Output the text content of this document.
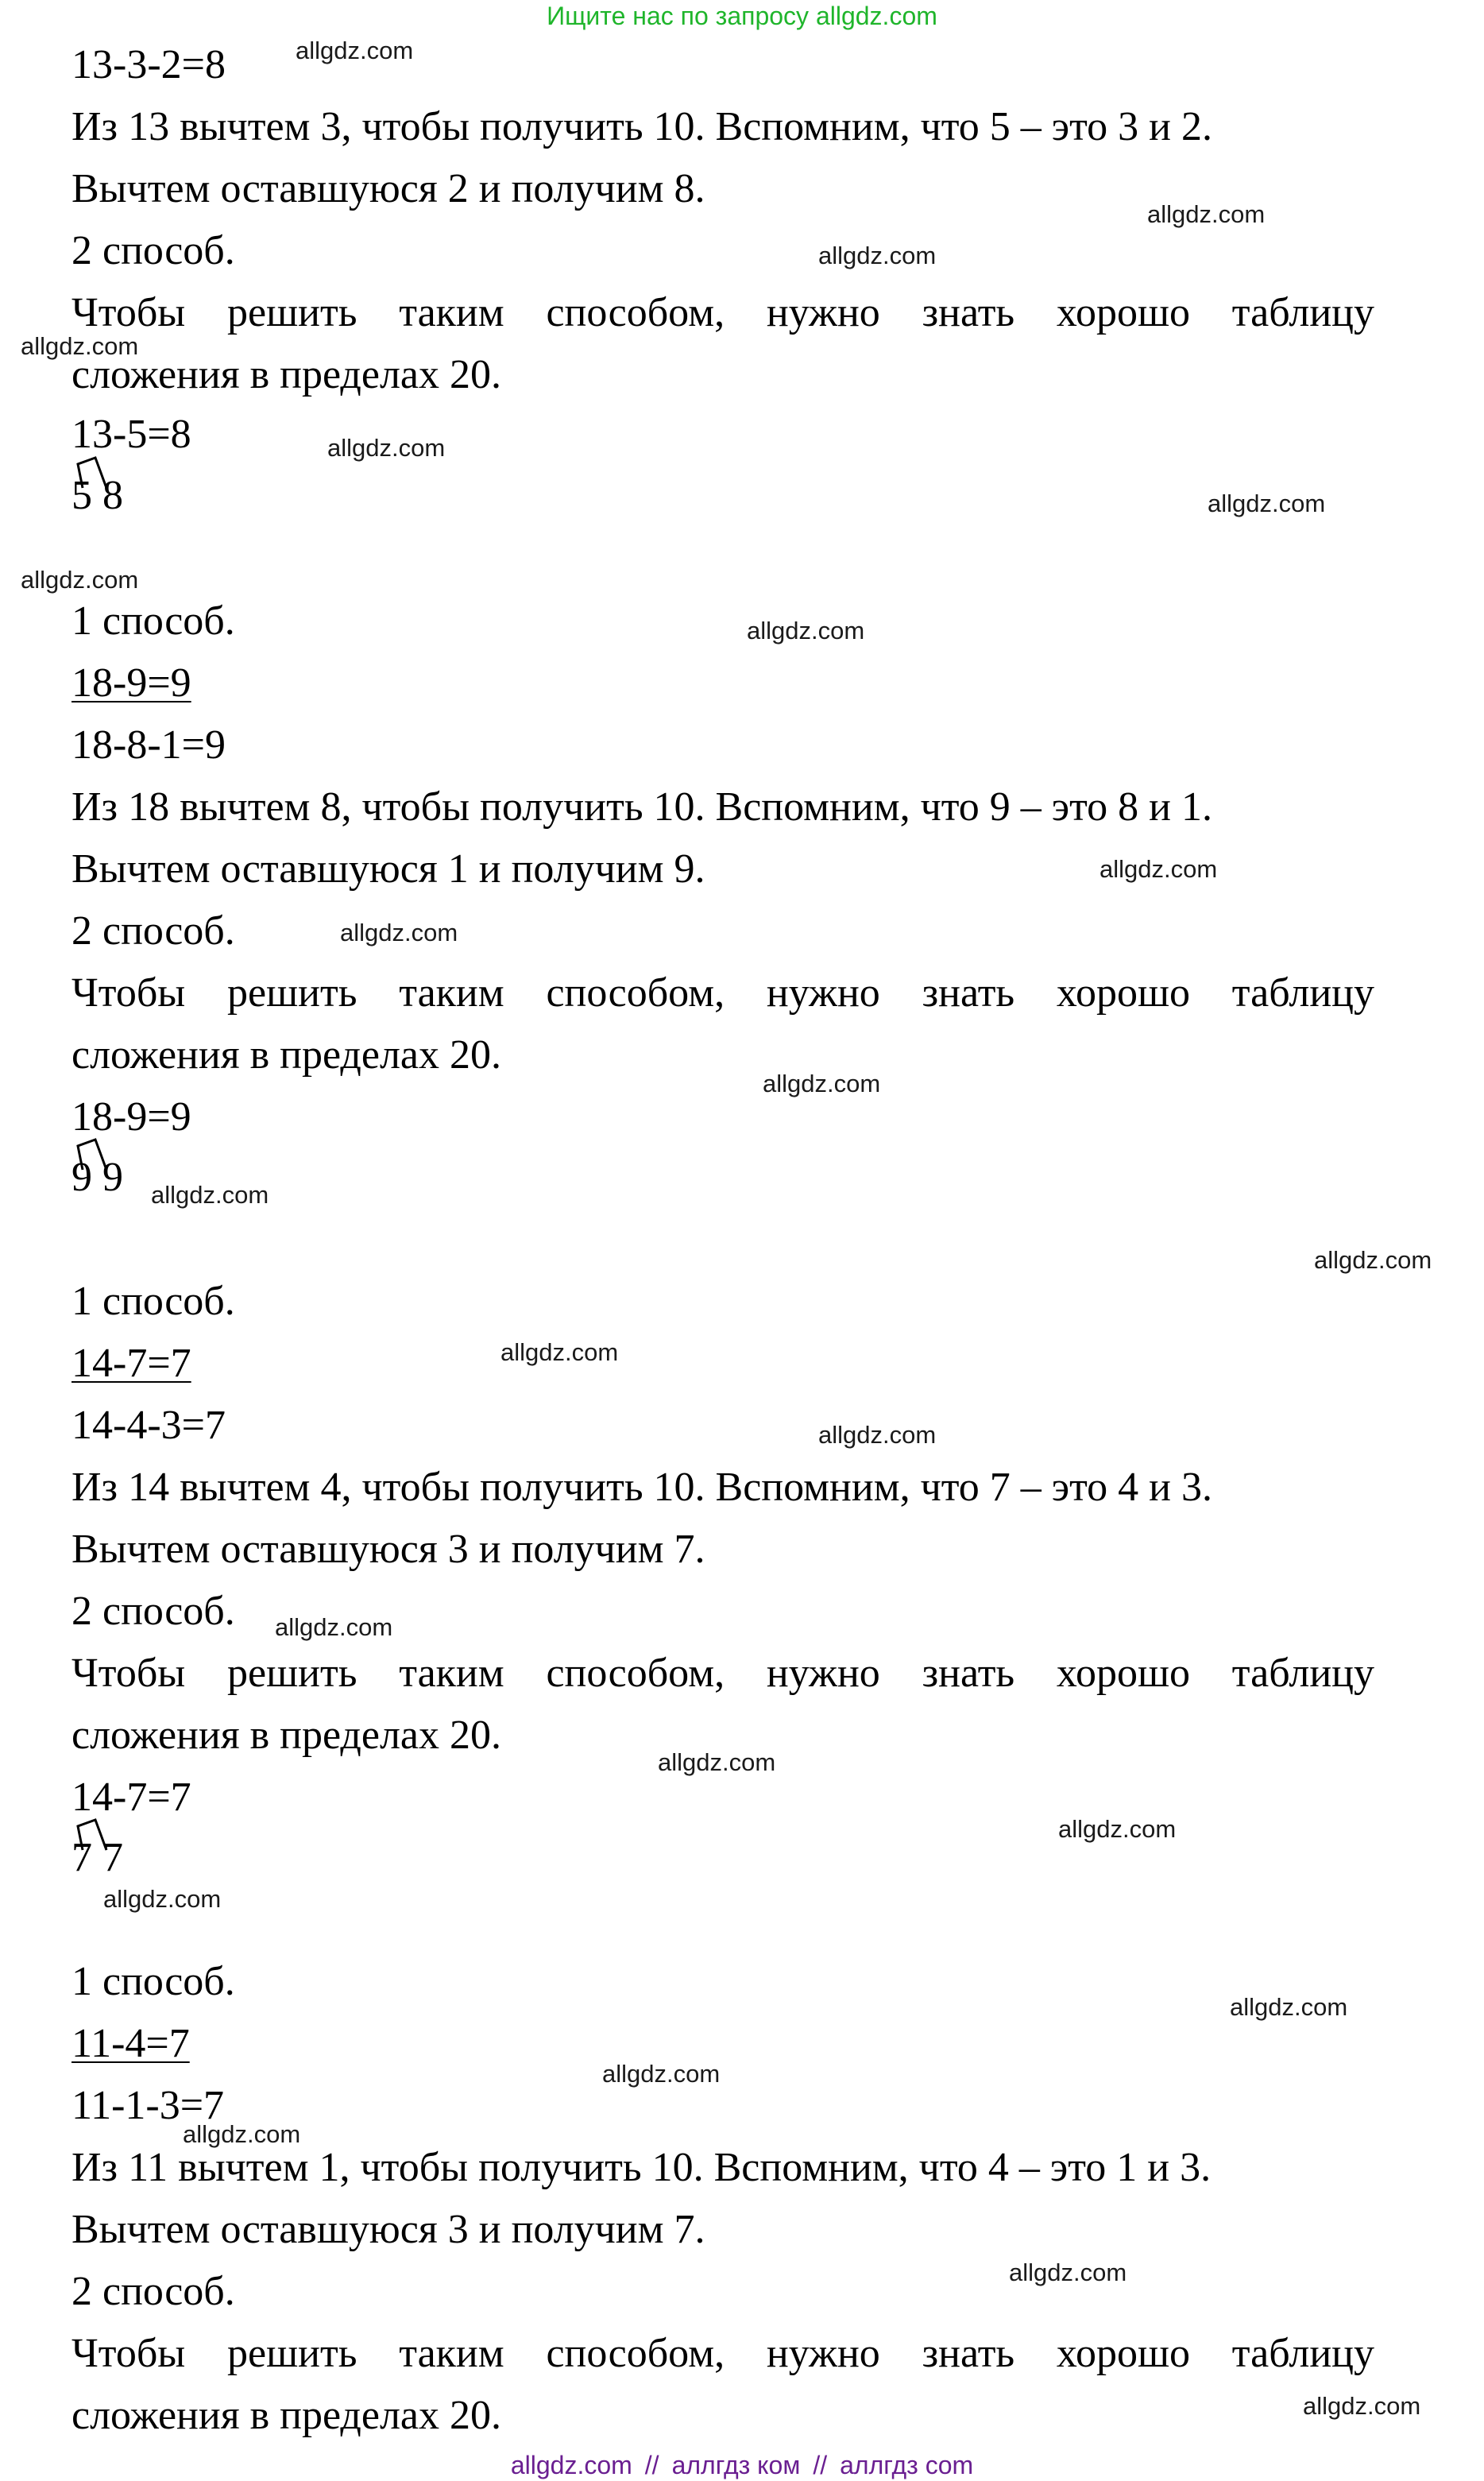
Ищите нас по запросу allgdz.com
13-3-2=8
Из 13 вычтем 3, чтобы получить 10. Вспомним, что 5 – это 3 и 2.
Вычтем оставшуюся 2 и получим 8.
2 способ.
Чтобы решить таким способом, нужно знать хорошо таблицу
сложения в пределах 20.
13-5=8
5 8
1 способ.
18-9=9
18-8-1=9
Из 18 вычтем 8, чтобы получить 10. Вспомним, что 9 – это 8 и 1.
Вычтем оставшуюся 1 и получим 9.
2 способ.
Чтобы решить таким способом, нужно знать хорошо таблицу
сложения в пределах 20.
18-9=9
9 9
1 способ.
14-7=7
14-4-3=7
Из 14 вычтем 4, чтобы получить 10. Вспомним, что 7 – это 4 и 3.
Вычтем оставшуюся 3 и получим 7.
2 способ.
Чтобы решить таким способом, нужно знать хорошо таблицу
сложения в пределах 20.
14-7=7
7 7
1 способ.
11-4=7
11-1-3=7
Из 11 вычтем 1, чтобы получить 10. Вспомним, что 4 – это 1 и 3.
Вычтем оставшуюся 3 и получим 7.
2 способ.
Чтобы решить таким способом, нужно знать хорошо таблицу
сложения в пределах 20.
allgdz.com
allgdz.com
allgdz.com
allgdz.com
allgdz.com
allgdz.com
allgdz.com
allgdz.com
allgdz.com
allgdz.com
allgdz.com
allgdz.com
allgdz.com
allgdz.com
allgdz.com
allgdz.com
allgdz.com
allgdz.com
allgdz.com
allgdz.com
allgdz.com
allgdz.com
allgdz.com
allgdz.com
allgdz.com // аллгдз ком // аллгдз com
